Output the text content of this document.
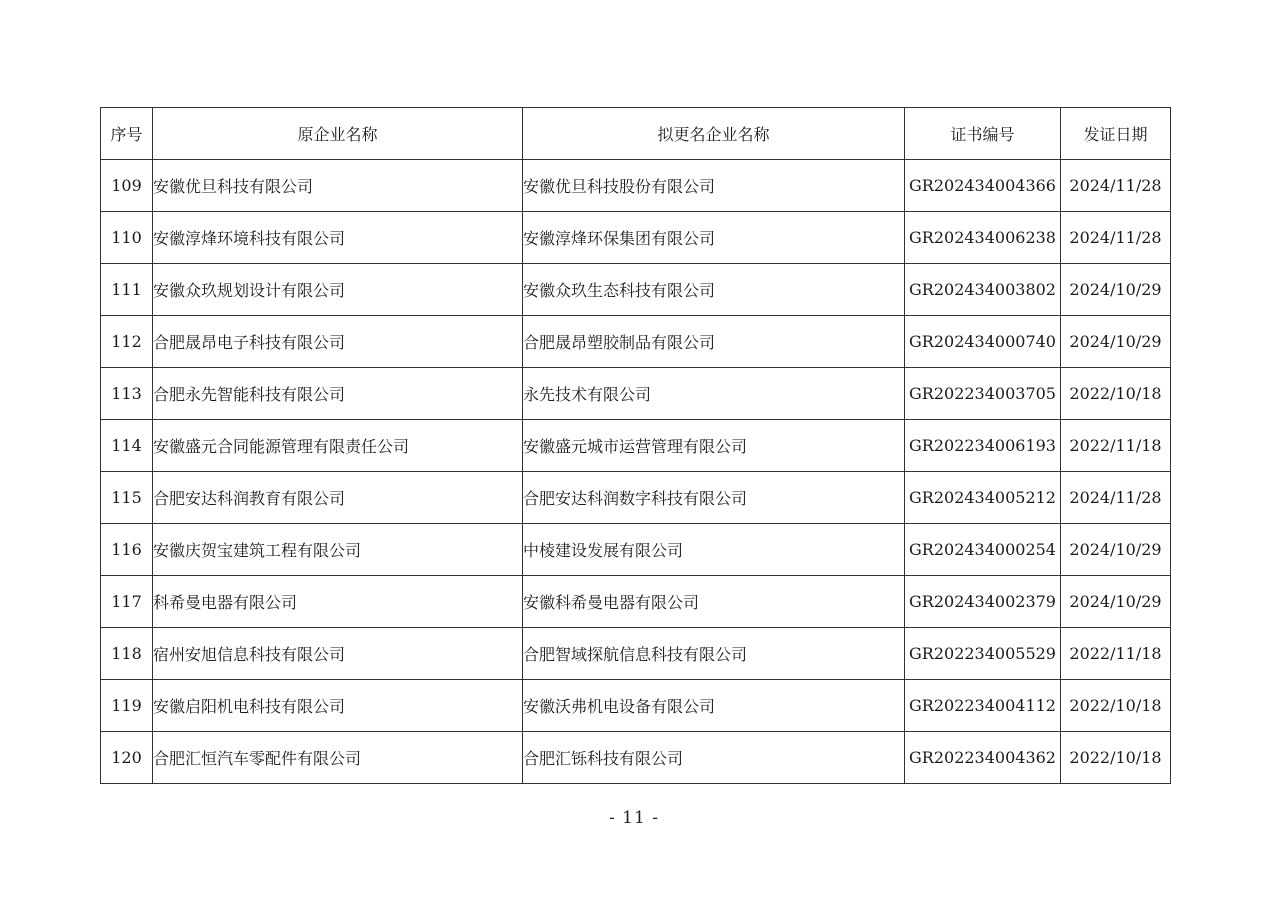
序号	原企业名称	拟更名企业名称	证书编号	发证日期
109	安徽优旦科技有限公司	安徽优旦科技股份有限公司	GR202434004366	2024/11/28
110	安徽淳烽环境科技有限公司	安徽淳烽环保集团有限公司	GR202434006238	2024/11/28
111	安徽众玖规划设计有限公司	安徽众玖生态科技有限公司	GR202434003802	2024/10/29
112	合肥晟昂电子科技有限公司	合肥晟昂塑胶制品有限公司	GR202434000740	2024/10/29
113	合肥永先智能科技有限公司	永先技术有限公司	GR202234003705	2022/10/18
114	安徽盛元合同能源管理有限责任公司	安徽盛元城市运营管理有限公司	GR202234006193	2022/11/18
115	合肥安达科润教育有限公司	合肥安达科润数字科技有限公司	GR202434005212	2024/11/28
116	安徽庆贺宝建筑工程有限公司	中棱建设发展有限公司	GR202434000254	2024/10/29
117	科希曼电器有限公司	安徽科希曼电器有限公司	GR202434002379	2024/10/29
118	宿州安旭信息科技有限公司	合肥智域探航信息科技有限公司	GR202234005529	2022/11/18
119	安徽启阳机电科技有限公司	安徽沃弗机电设备有限公司	GR202234004112	2022/10/18
120	合肥汇恒汽车零配件有限公司	合肥汇铄科技有限公司	GR202234004362	2022/10/18
- 11 -
